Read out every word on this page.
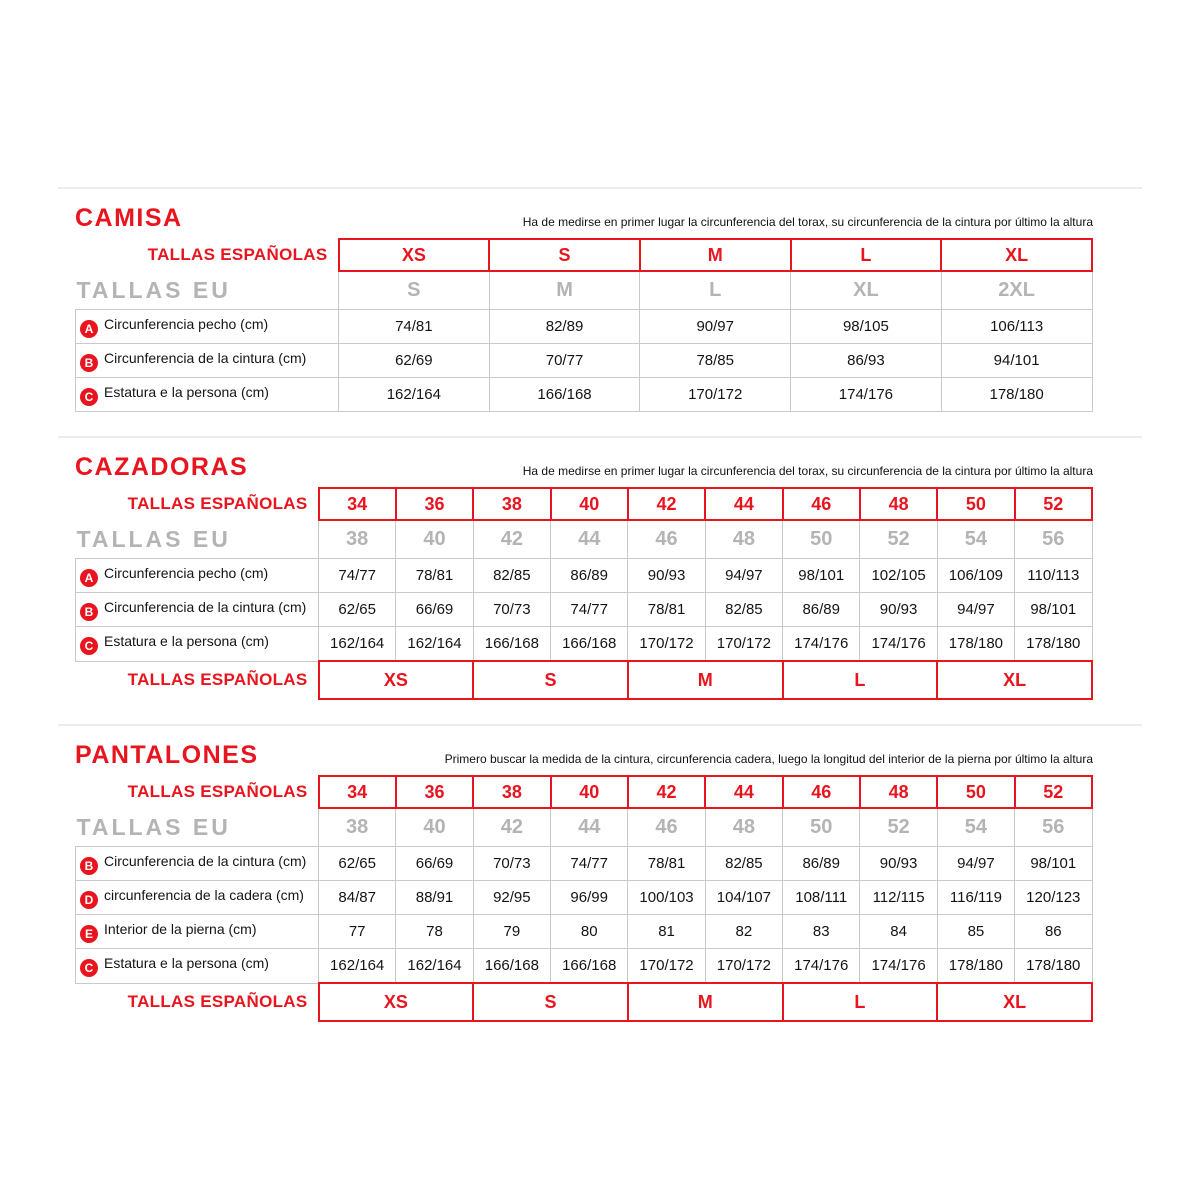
CAMISA	Ha de medirse en primer lugar la circunferencia del torax, su circunferencia de la cintura por último la altura

TALLAS ESPAÑOLAS	XS	S	M	L	XL
TALLAS EU	S	M	L	XL	2XL
A Circunferencia pecho (cm)	74/81	82/89	90/97	98/105	106/113
B Circunferencia de la cintura (cm)	62/69	70/77	78/85	86/93	94/101
C Estatura e la persona (cm)	162/164	166/168	170/172	174/176	178/180
CAZADORAS	Ha de medirse en primer lugar la circunferencia del torax, su circunferencia de la cintura por último la altura

TALLAS ESPAÑOLAS	34	36	38	40	42	44	46	48	50	52
TALLAS EU	38	40	42	44	46	48	50	52	54	56
A Circunferencia pecho (cm)	74/77	78/81	82/85	86/89	90/93	94/97	98/101	102/105	106/109	110/113
B Circunferencia de la cintura (cm)	62/65	66/69	70/73	74/77	78/81	82/85	86/89	90/93	94/97	98/101
C Estatura e la persona (cm)	162/164	162/164	166/168	166/168	170/172	170/172	174/176	174/176	178/180	178/180
TALLAS ESPAÑOLAS	XS		S		M		L		XL	
PANTALONES	Primero buscar la medida de la cintura, circunferencia cadera, luego la longitud del interior de la pierna por último la altura

TALLAS ESPAÑOLAS	34	36	38	40	42	44	46	48	50	52
TALLAS EU	38	40	42	44	46	48	50	52	54	56
B Circunferencia de la cintura (cm)	62/65	66/69	70/73	74/77	78/81	82/85	86/89	90/93	94/97	98/101
D circunferencia de la cadera (cm)	84/87	88/91	92/95	96/99	100/103	104/107	108/111	112/115	116/119	120/123
E Interior de la pierna (cm)	77	78	79	80	81	82	83	84	85	86
C Estatura e la persona (cm)	162/164	162/164	166/168	166/168	170/172	170/172	174/176	174/176	178/180	178/180
TALLAS ESPAÑOLAS	XS		S		M		L		XL	
